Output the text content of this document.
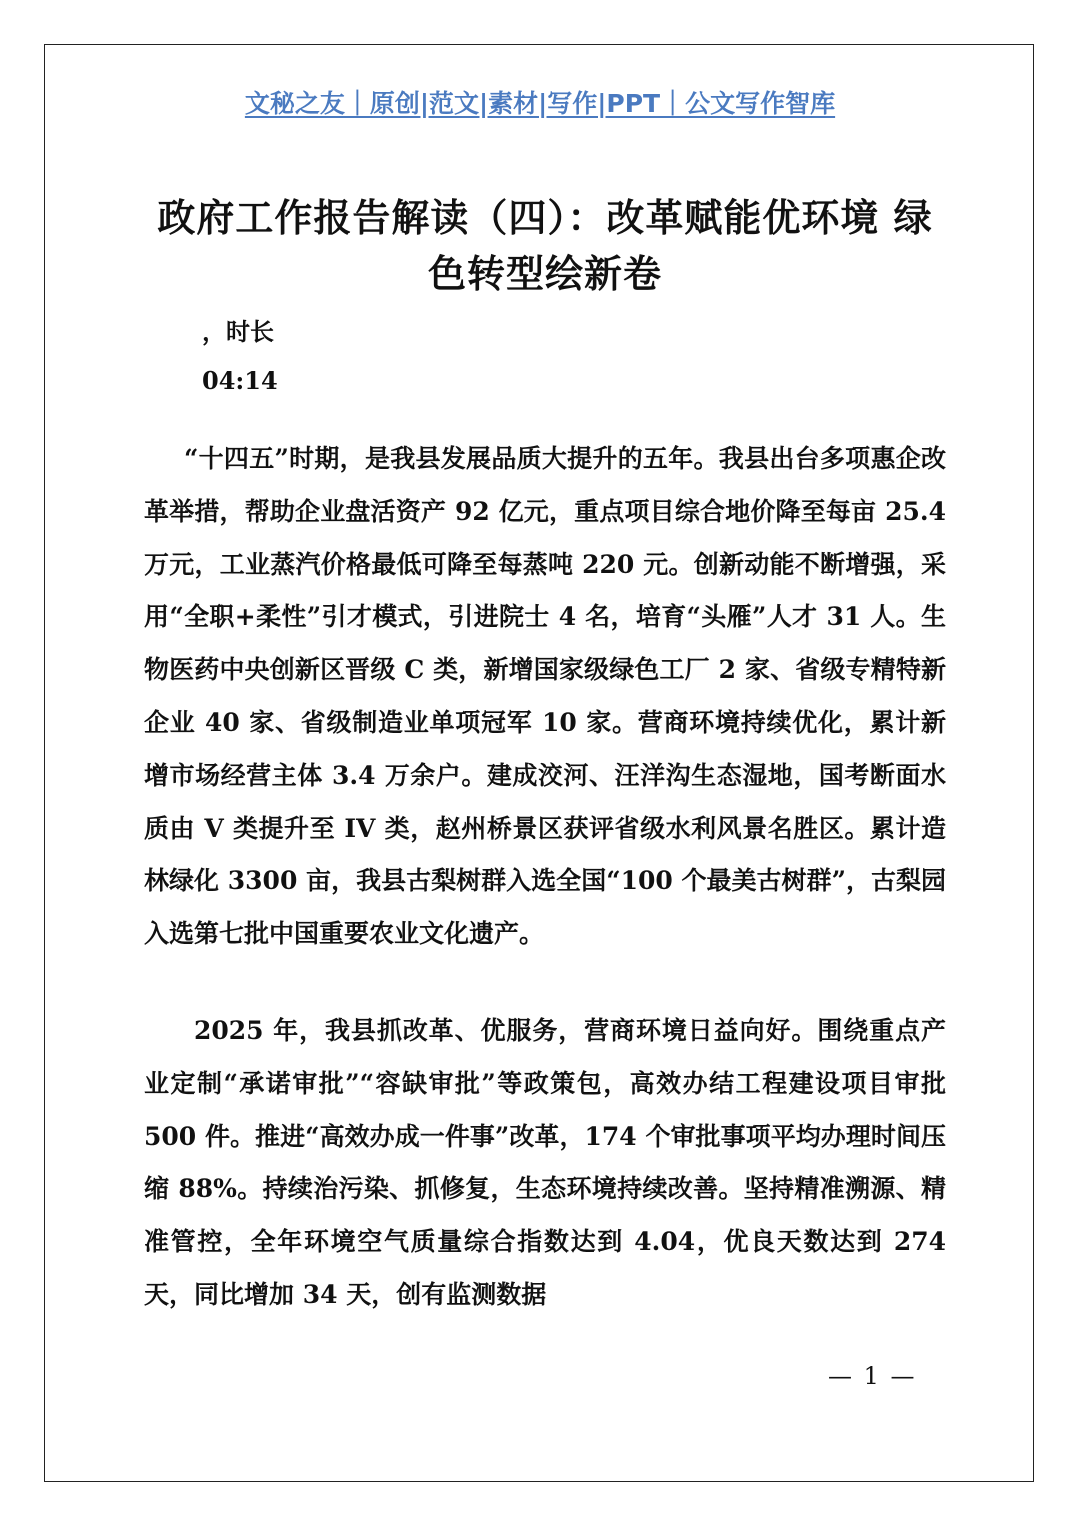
文秘之友｜原创|范文|素材|写作|PPT｜公文写作智库
政府工作报告解读（四）：改革赋能优环境 绿色转型绘新卷
，时长
04:14

“十四五”时期，是我县发展品质大提升的五年。我县出台多项惠企改革举措，帮助企业盘活资产 92 亿元，重点项目综合地价降至每亩 25.4 万元，工业蒸汽价格最低可降至每蒸吨 220 元。创新动能不断增强，采用“全职+柔性”引才模式，引进院士 4 名，培育“头雁”人才 31 人。生物医药中央创新区晋级 C 类，新增国家级绿色工厂 2 家、省级专精特新企业 40 家、省级制造业单项冠军 10 家。营商环境持续优化，累计新增市场经营主体 3.4 万余户。建成洨河、汪洋沟生态湿地，国考断面水质由 V 类提升至 IV 类，赵州桥景区获评省级水利风景名胜区。累计造林绿化 3300 亩，我县古梨树群入选全国“100 个最美古树群”，古梨园入选第七批中国重要农业文化遗产。

2025 年，我县抓改革、优服务，营商环境日益向好。围绕重点产业定制“承诺审批”“容缺审批”等政策包，高效办结工程建设项目审批 500 件。推进“高效办成一件事”改革，174 个审批事项平均办理时间压缩 88%。持续治污染、抓修复，生态环境持续改善。坚持精准溯源、精准管控，全年环境空气质量综合指数达到 4.04，优良天数达到 274 天，同比增加 34 天，创有监测数据

— 1 —
